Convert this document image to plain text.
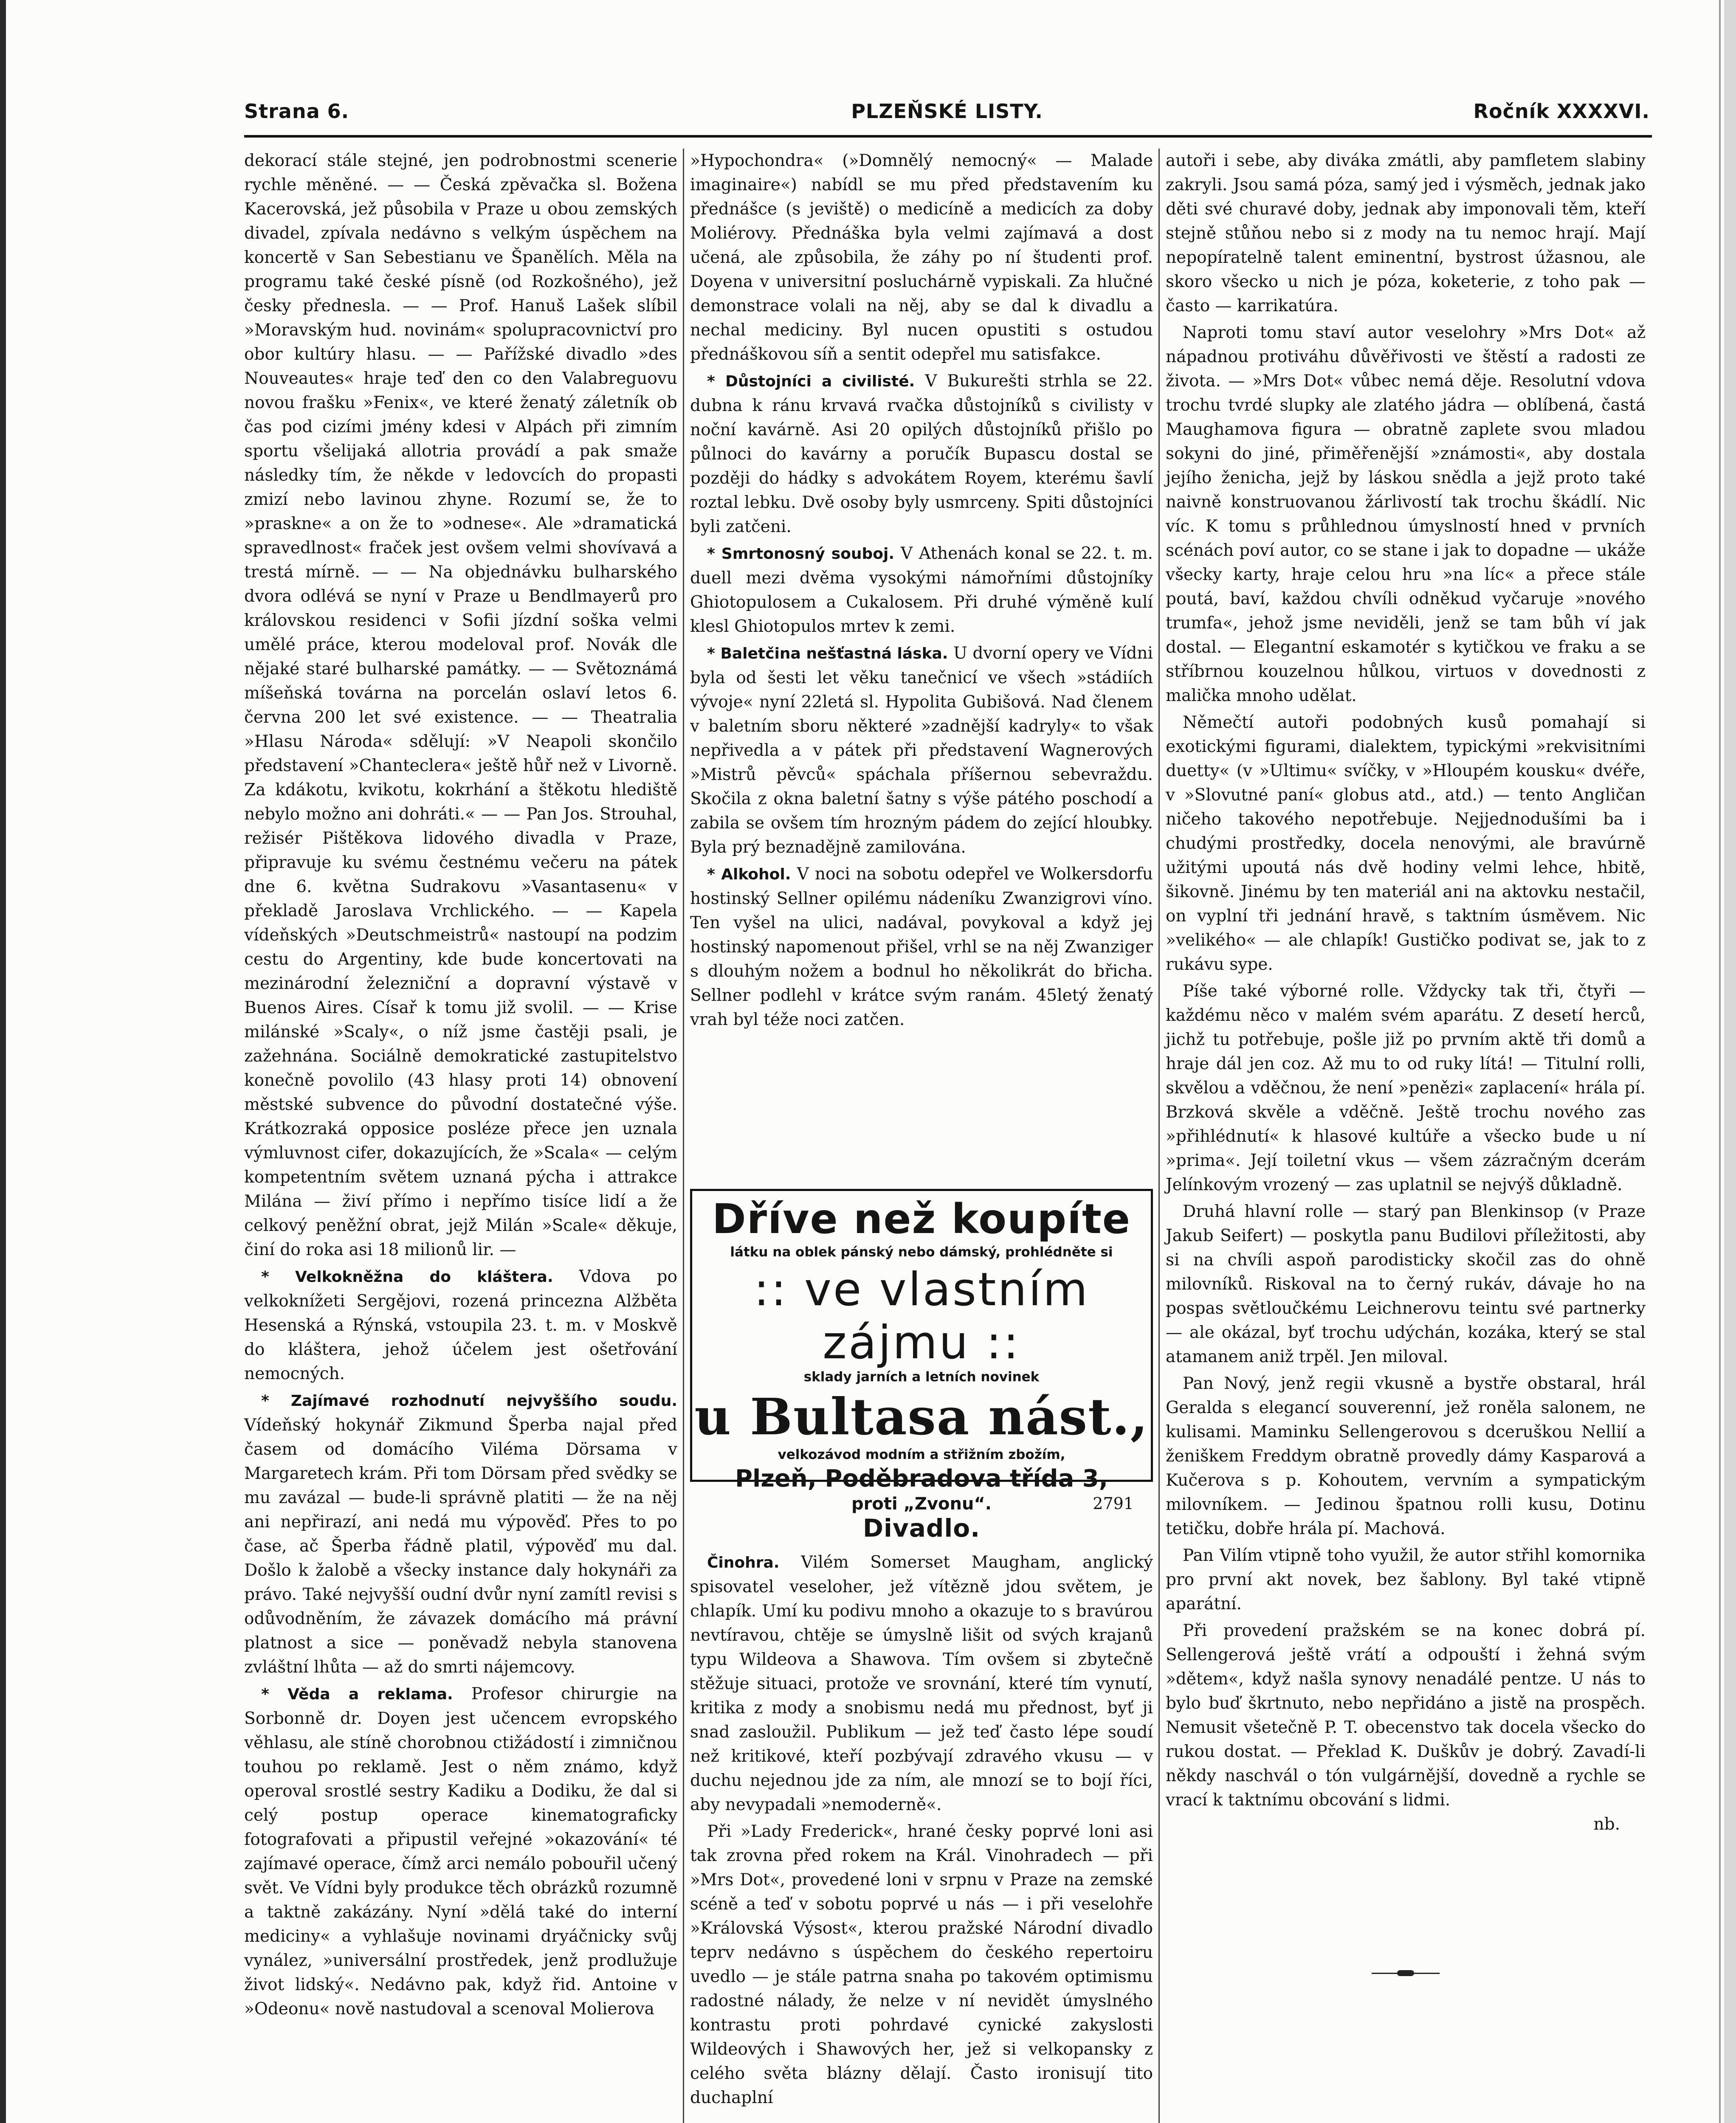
PLZEŇSKÉ LISTY.
Strana 6.	Ročník XXXXVI.

dekorací stále stejné, jen podrobnostmi scenerie rychle měněné. — — Česká zpěvačka sl. Božena Kacerovská, jež působila v Praze u obou zemských divadel, zpívala nedávno s velkým úspěchem na koncertě v San Sebestianu ve Španělích. Měla na programu také české písně (od Rozkošného), jež česky přednesla. — — Prof. Hanuš Lašek slíbil »Moravským hud. novinám« spolupracovnictví pro obor kultúry hlasu. — — Pařížské divadlo »des Nouveautes« hraje teď den co den Valabreguovu novou frašku »Fenix«, ve které ženatý záletník ob čas pod cizími jmény kdesi v Alpách při zimním sportu všelijaká allotria provádí a pak smaže následky tím, že někde v ledovcích do propasti zmizí nebo lavinou zhyne. Rozumí se, že to »praskne« a on že to »odnese«. Ale »dramatická spravedlnost« fraček jest ovšem velmi shovívavá a trestá mírně. — — Na objednávku bulharského dvora odlévá se nyní v Praze u Bendlmayerů pro královskou residenci v Sofii jízdní soška velmi umělé práce, kterou modeloval prof. Novák dle nějaké staré bulharské památky. — — Světoznámá míšeňská továrna na porcelán oslaví letos 6. června 200 let své existence. — — Theatralia »Hlasu Národa« sdělují: »V Neapoli skončilo představení »Chanteclera« ještě hůř než v Livorně. Za kdákotu, kvikotu, kokrhání a štěkotu hlediště nebylo možno ani dohráti.« — — Pan Jos. Strouhal, režisér Pištěkova lidového divadla v Praze, připravuje ku svému čestnému večeru na pátek dne 6. května Sudrakovu »Vasantasenu« v překladě Jaroslava Vrchlického. — — Kapela vídeňských »Deutschmeistrů« nastoupí na podzim cestu do Argentiny, kde bude koncertovati na mezinárodní železniční a dopravní výstavě v Buenos Aires. Císař k tomu již svolil. — — Krise milánské »Scaly«, o níž jsme častěji psali, je zažehnána. Sociálně demokratické zastupitelstvo konečně povolilo (43 hlasy proti 14) obnovení městské subvence do původní dostatečné výše. Krátkozraká opposice posléze přece jen uznala výmluvnost cifer, dokazujících, že »Scala« — celým kompetentním světem uznaná pýcha i attrakce Milána — živí přímo i nepřímo tisíce lidí a že celkový peněžní obrat, jejž Milán »Scale« děkuje, činí do roka asi 18 milionů lir. —

* Velkokněžna do kláštera. Vdova po velkoknížeti Sergějovi, rozená princezna Alžběta Hesenská a Rýnská, vstoupila 23. t. m. v Moskvě do kláštera, jehož účelem jest ošetřování nemocných.

* Zajímavé rozhodnutí nejvyššího soudu. Vídeňský hokynář Zikmund Šperba najal před časem od domácího Viléma Dörsama v Margaretech krám. Při tom Dörsam před svědky se mu zavázal — bude-li správně platiti — že na něj ani nepřirazí, ani nedá mu výpověď. Přes to po čase, ač Šperba řádně platil, výpověď mu dal. Došlo k žalobě a všecky instance daly hokynáři za právo. Také nejvyšší oudní dvůr nyní zamítl revisi s odůvodněním, že závazek domácího má právní platnost a sice — poněvadž nebyla stanovena zvláštní lhůta — až do smrti nájemcovy.

* Věda a reklama. Profesor chirurgie na Sorbonně dr. Doyen jest učencem evropského věhlasu, ale stíně chorobnou ctižádostí i zimničnou touhou po reklamě. Jest o něm známo, když operoval srostlé sestry Kadiku a Dodiku, že dal si celý postup operace kinematograficky fotografovati a připustil veřejné »okazování« té zajímavé operace, čímž arci nemálo pobouřil učený svět. Ve Vídni byly produkce těch obrázků rozumně a taktně zakázány. Nyní »dělá také do interní mediciny« a vyhlašuje novinami dryáčnicky svůj vynález, »universální prostředek, jenž prodlužuje život lidský«. Nedávno pak, když řid. Antoine v »Odeonu« nově nastudoval a scenoval Molierova

»Hypochondra« (»Domnělý nemocný« — Malade imaginaire«) nabídl se mu před představením ku přednášce (s jeviště) o medicíně a medicích za doby Moliérovy. Přednáška byla velmi zajímavá a dost učená, ale způsobila, že záhy po ní študenti prof. Doyena v universitní posluchárně vypiskali. Za hlučné demonstrace volali na něj, aby se dal k divadlu a nechal mediciny. Byl nucen opustiti s ostudou přednáškovou síň a sentit odepřel mu satisfakce.

* Důstojníci a civilisté. V Bukurešti strhla se 22. dubna k ránu krvavá rvačka důstojníků s civilisty v noční kavárně. Asi 20 opilých důstojníků přišlo po půlnoci do kavárny a poručík Bupascu dostal se později do hádky s advokátem Royem, kterému šavlí roztal lebku. Dvě osoby byly usmrceny. Spiti důstojníci byli zatčeni.

* Smrtonosný souboj. V Athenách konal se 22. t. m. duell mezi dvěma vysokými námořními důstojníky Ghiotopulosem a Cukalosem. Při druhé výměně kulí klesl Ghiotopulos mrtev k zemi.

* Baletčina nešťastná láska. U dvorní opery ve Vídni byla od šesti let věku tanečnicí ve všech »stádiích vývoje« nyní 22letá sl. Hypolita Gubišová. Nad členem v baletním sboru některé »zadnější kadryly« to však nepřivedla a v pátek při představení Wagnerových »Mistrů pěvců« spáchala příšernou sebevraždu. Skočila z okna baletní šatny s výše pátého poschodí a zabila se ovšem tím hrozným pádem do zející hloubky. Byla prý beznadějně zamilována.

* Alkohol. V noci na sobotu odepřel ve Wolkersdorfu hostinský Sellner opilému nádeníku Zwanzigrovi víno. Ten vyšel na ulici, nadával, povykoval a když jej hostinský napomenout přišel, vrhl se na něj Zwanziger s dlouhým nožem a bodnul ho několikrát do břicha. Sellner podlehl v krátce svým ranám. 45letý ženatý vrah byl téže noci zatčen.

Dříve než koupíte
látku na oblek pánský nebo dámský, prohlédněte si
:: ve vlastním zájmu ::
sklady jarních a letních novinek
u Bultasa nást.,
velkozávod modním a střižním zbožím,
Plzeň, Poděbradova třída 3,
proti „Zvonu“.	2791
Divadlo.

Činohra. Vilém Somerset Maugham, anglický spisovatel veseloher, jež vítězně jdou světem, je chlapík. Umí ku podivu mnoho a okazuje to s bravúrou nevtíravou, chtěje se úmyslně lišit od svých krajanů typu Wildeova a Shawova. Tím ovšem si zbytečně stěžuje situaci, protože ve srovnání, které tím vynutí, kritika z mody a snobismu nedá mu přednost, byť ji snad zasloužil. Publikum — jež teď často lépe soudí než kritikové, kteří pozbývají zdravého vkusu — v duchu nejednou jde za ním, ale mnozí se to bojí říci, aby nevypadali »nemoderně«.

Při »Lady Frederick«, hrané česky poprvé loni asi tak zrovna před rokem na Král. Vinohradech — při »Mrs Dot«, provedené loni v srpnu v Praze na zemské scéně a teď v sobotu poprvé u nás — i při veselohře »Královská Výsost«, kterou pražské Národní divadlo teprv nedávno s úspěchem do českého repertoiru uvedlo — je stále patrna snaha po takovém optimismu radostné nálady, že nelze v ní nevidět úmyslného kontrastu proti pohrdavé cynické zakyslosti Wildeových i Shawových her, jež si velkopansky z celého světa blázny dělají. Často ironisují tito duchaplní

autoři i sebe, aby diváka zmátli, aby pamfletem slabiny zakryli. Jsou samá póza, samý jed i výsměch, jednak jako děti své churavé doby, jednak aby imponovali těm, kteří stejně stůňou nebo si z mody na tu nemoc hrají. Mají nepopíratelně talent eminentní, bystrost úžasnou, ale skoro všecko u nich je póza, koketerie, z toho pak — často — karrikatúra.

Naproti tomu staví autor veselohry »Mrs Dot« až nápadnou protiváhu důvěřivosti ve štěstí a radosti ze života. — »Mrs Dot« vůbec nemá děje. Resolutní vdova trochu tvrdé slupky ale zlatého jádra — oblíbená, častá Maughamova figura — obratně zaplete svou mladou sokyni do jiné, přiměřenější »známosti«, aby dostala jejího ženicha, jejž by láskou snědla a jejž proto také naivně konstruovanou žárlivostí tak trochu škádlí. Nic víc. K tomu s průhlednou úmyslností hned v prvních scénách poví autor, co se stane i jak to dopadne — ukáže všecky karty, hraje celou hru »na líc« a přece stále poutá, baví, každou chvíli odněkud vyčaruje »nového trumfa«, jehož jsme neviděli, jenž se tam bůh ví jak dostal. — Elegantní eskamotér s kytičkou ve fraku a se stříbrnou kouzelnou hůlkou, virtuos v dovednosti z malička mnoho udělat.

Němečtí autoři podobných kusů pomahají si exotickými figurami, dialektem, typickými »rekvisitními duetty« (v »Ultimu« svíčky, v »Hloupém kousku« dvéře, v »Slovutné paní« globus atd., atd.) — tento Angličan ničeho takového nepotřebuje. Nejjednodušími ba i chudými prostředky, docela nenovými, ale bravúrně užitými upoutá nás dvě hodiny velmi lehce, hbitě, šikovně. Jinému by ten materiál ani na aktovku nestačil, on vyplní tři jednání hravě, s taktním úsměvem. Nic »velikého« — ale chlapík! Gustičko podivat se, jak to z rukávu sype.

Píše také výborné rolle. Vždycky tak tři, čtyři — každému něco v malém svém aparátu. Z desetí herců, jichž tu potřebuje, pošle již po prvním aktě tři domů a hraje dál jen coz. Až mu to od ruky lítá! — Titulní rolli, skvělou a vděčnou, že není »penězi« zaplacení« hrála pí. Brzková skvěle a vděčně. Ještě trochu nového zas »přihlédnutí« k hlasové kultúře a všecko bude u ní »prima«. Její toiletní vkus — všem zázračným dcerám Jelínkovým vrozený — zas uplatnil se nejvýš důkladně.

Druhá hlavní rolle — starý pan Blenkinsop (v Praze Jakub Seifert) — poskytla panu Budilovi příležitosti, aby si na chvíli aspoň parodisticky skočil zas do ohně milovníků. Riskoval na to černý rukáv, dávaje ho na pospas světloučkému Leichnerovu teintu své partnerky — ale okázal, byť trochu udýchán, kozáka, který se stal atamanem aniž trpěl. Jen miloval.

Pan Nový, jenž regii vkusně a bystře obstaral, hrál Geralda s elegancí souverenní, jež roněla salonem, ne kulisami. Maminku Sellengerovou s dceruškou Nellií a ženiškem Freddym obratně provedly dámy Kasparová a Kučerova s p. Kohoutem, vervním a sympatickým milovníkem. — Jedinou špatnou rolli kusu, Dotinu tetičku, dobře hrála pí. Machová.

Pan Vilím vtipně toho využil, že autor střihl komornika pro první akt novek, bez šablony. Byl také vtipně aparátní.

Při provedení pražském se na konec dobrá pí. Sellengerová ještě vrátí a odpouští i žehná svým »dětem«, když našla synovy nenadálé pentze. U nás to bylo buď škrtnuto, nebo nepřidáno a jistě na prospěch. Nemusit všetečně P. T. obecenstvo tak docela všecko do rukou dostat. — Překlad K. Duškův je dobrý. Zavadí-li někdy naschvál o tón vulgárnější, dovedně a rychle se vrací k taktnímu obcování s lidmi.

nb.
